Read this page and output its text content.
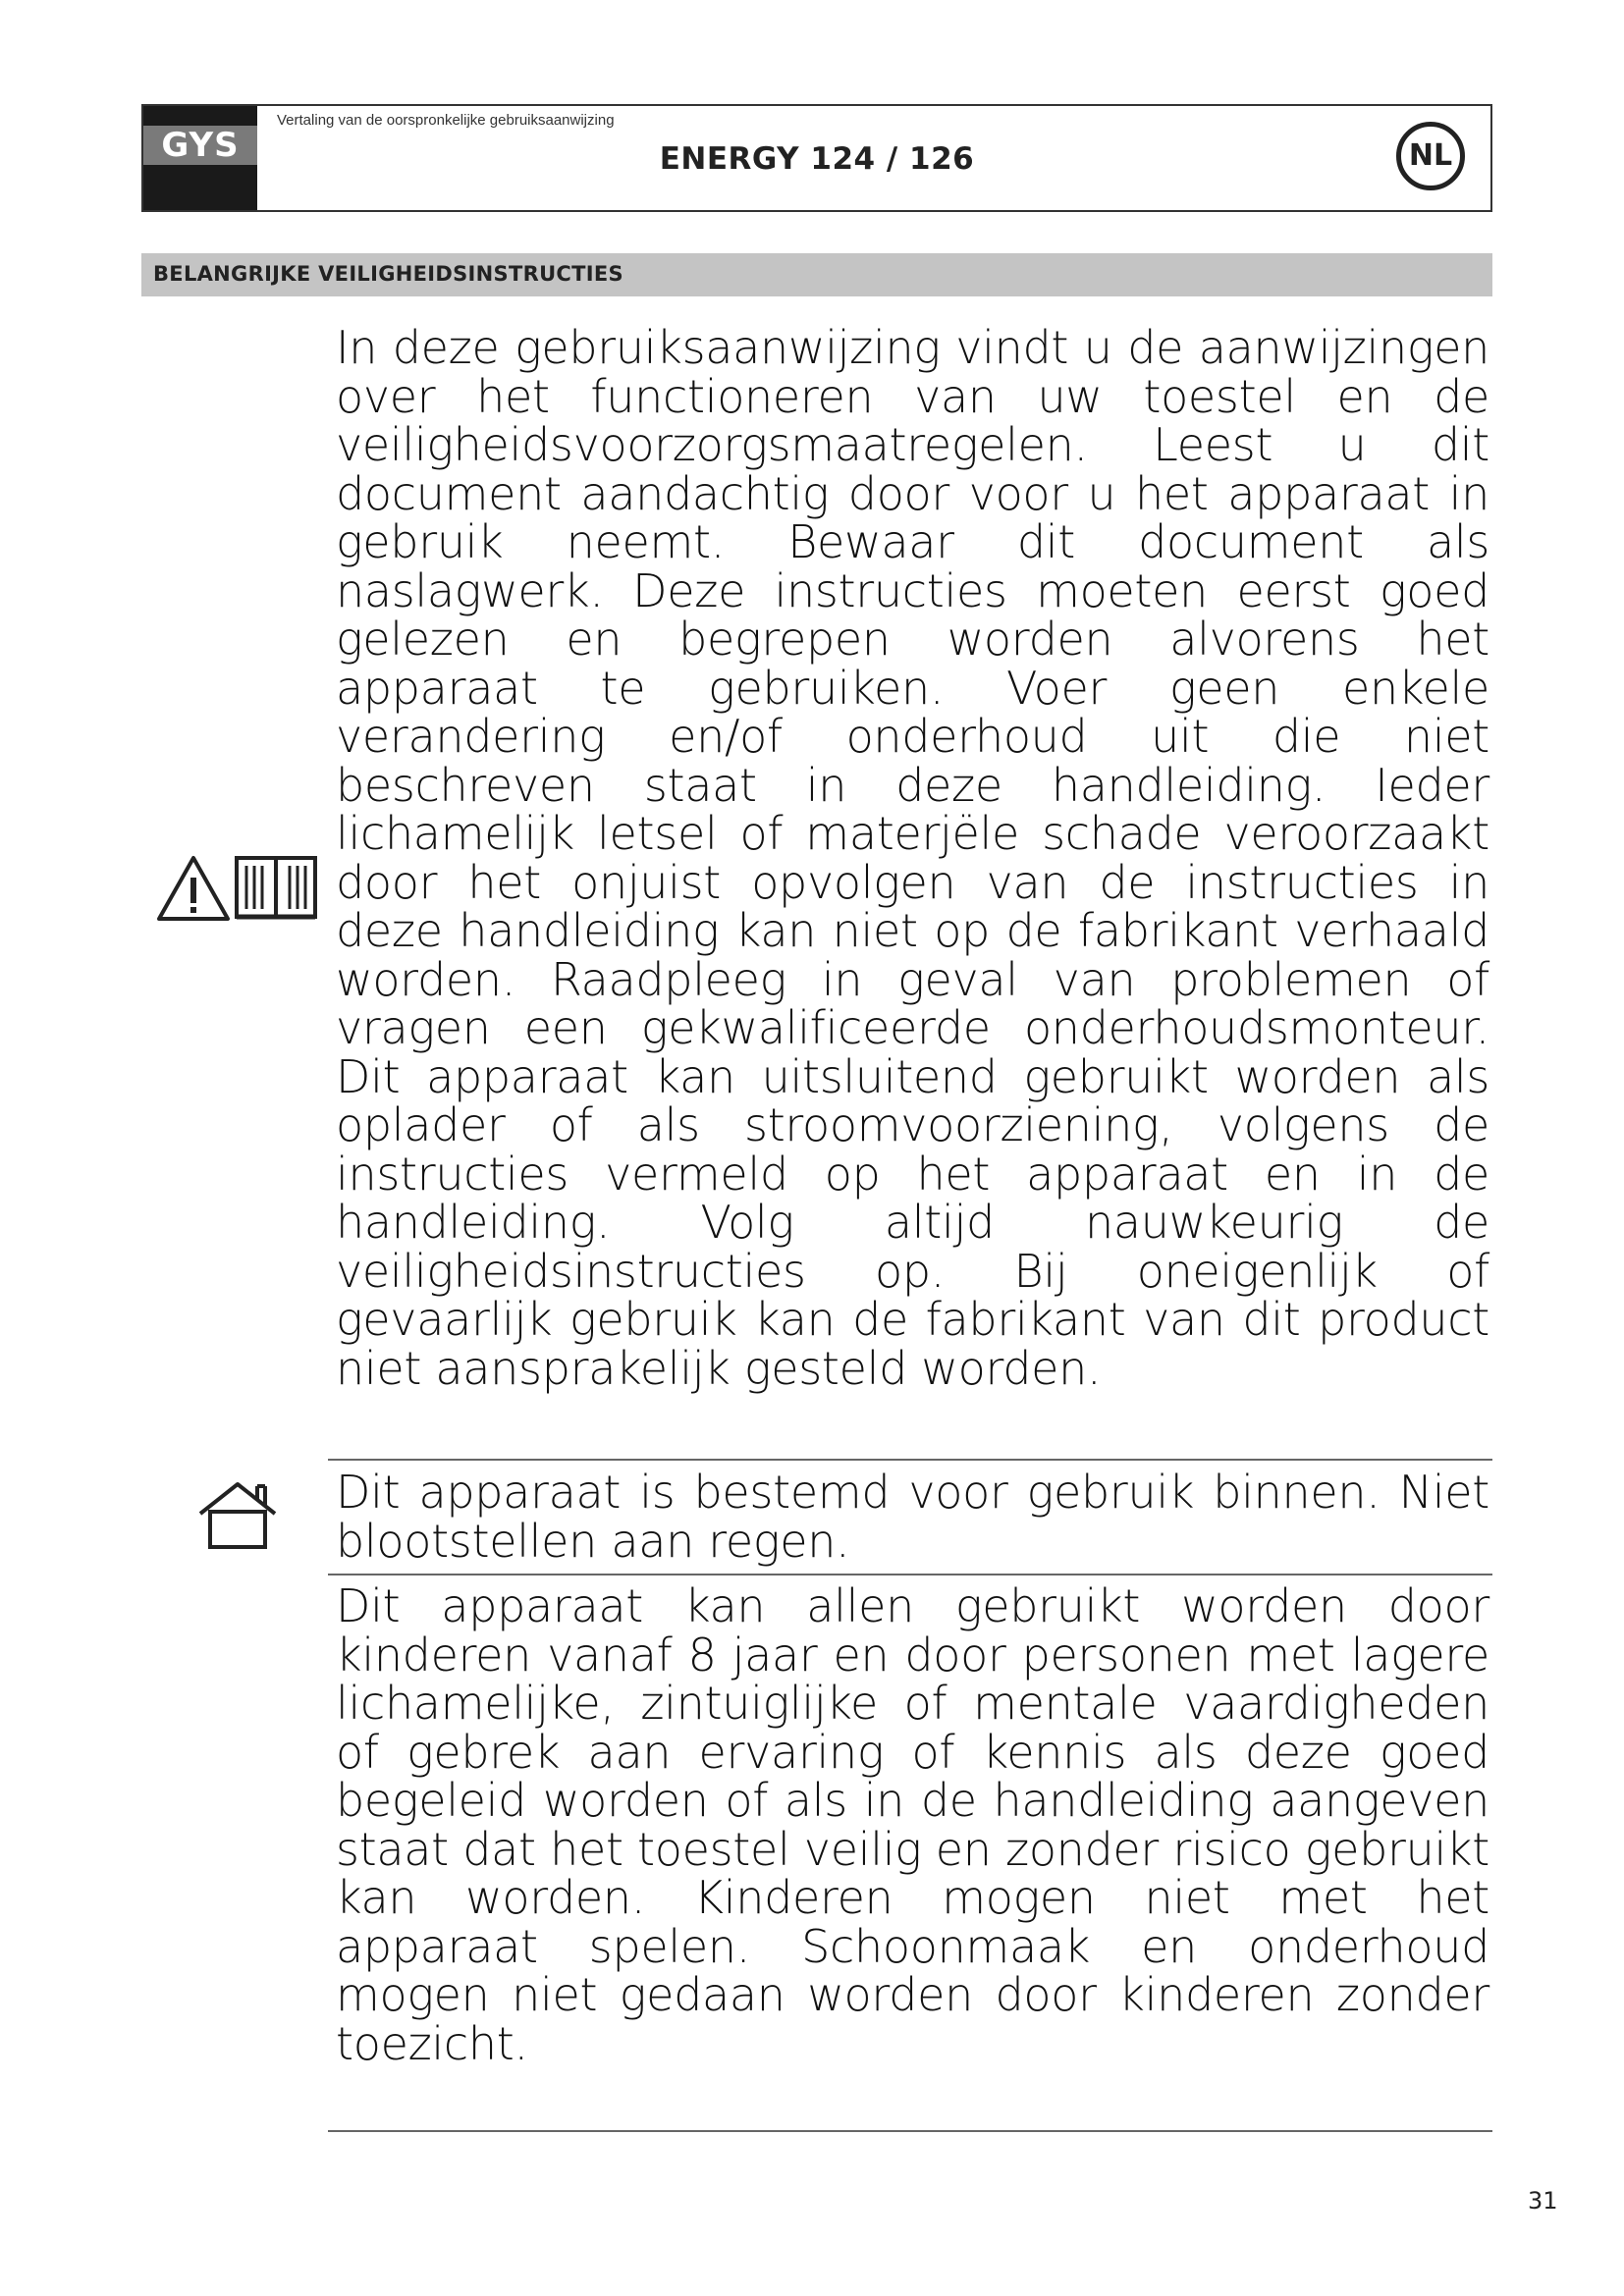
GYS
Vertaling van de oorspronkelijke gebruiksaanwijzing
ENERGY 124 / 126	NL
BELANGRIJKE VEILIGHEIDSINSTRUCTIES

In deze gebruiksaanwijzing vindt u de aanwijzingen over het functioneren van uw toestel en de veiligheidsvoorzorgsmaatregelen. Leest u dit document aandachtig door voor u het apparaat in gebruik neemt. Bewaar dit document als naslagwerk. Deze instructies moeten eerst goed gelezen en begrepen worden alvorens het apparaat te gebruiken. Voer geen enkele verandering en/of onderhoud uit die niet beschreven staat in deze handleiding. Ieder lichamelijk letsel of materjële schade veroorzaakt door het onjuist opvolgen van de instructies in deze handleiding kan niet op de fabrikant verhaald worden. Raadpleeg in geval van problemen of vragen een gekwalificeerde onderhoudsmonteur. Dit apparaat kan uitsluitend gebruikt worden als oplader of als stroomvoorziening, volgens de instructies vermeld op het apparaat en in de handleiding. Volg altijd nauwkeurig de veiligheidsinstructies op. Bij oneigenlijk of gevaarlijk gebruik kan de fabrikant van dit product niet aansprakelijk gesteld worden.

Dit apparaat is bestemd voor gebruik binnen. Niet blootstellen aan regen.

Dit apparaat kan allen gebruikt worden door kinderen vanaf 8 jaar en door personen met lagere lichamelijke, zintuiglijke of mentale vaardigheden of gebrek aan ervaring of kennis als deze goed begeleid worden of als in de handleiding aangeven staat dat het toestel veilig en zonder risico gebruikt kan worden. Kinderen mogen niet met het apparaat spelen. Schoonmaak en onderhoud mogen niet gedaan worden door kinderen zonder toezicht.

31
